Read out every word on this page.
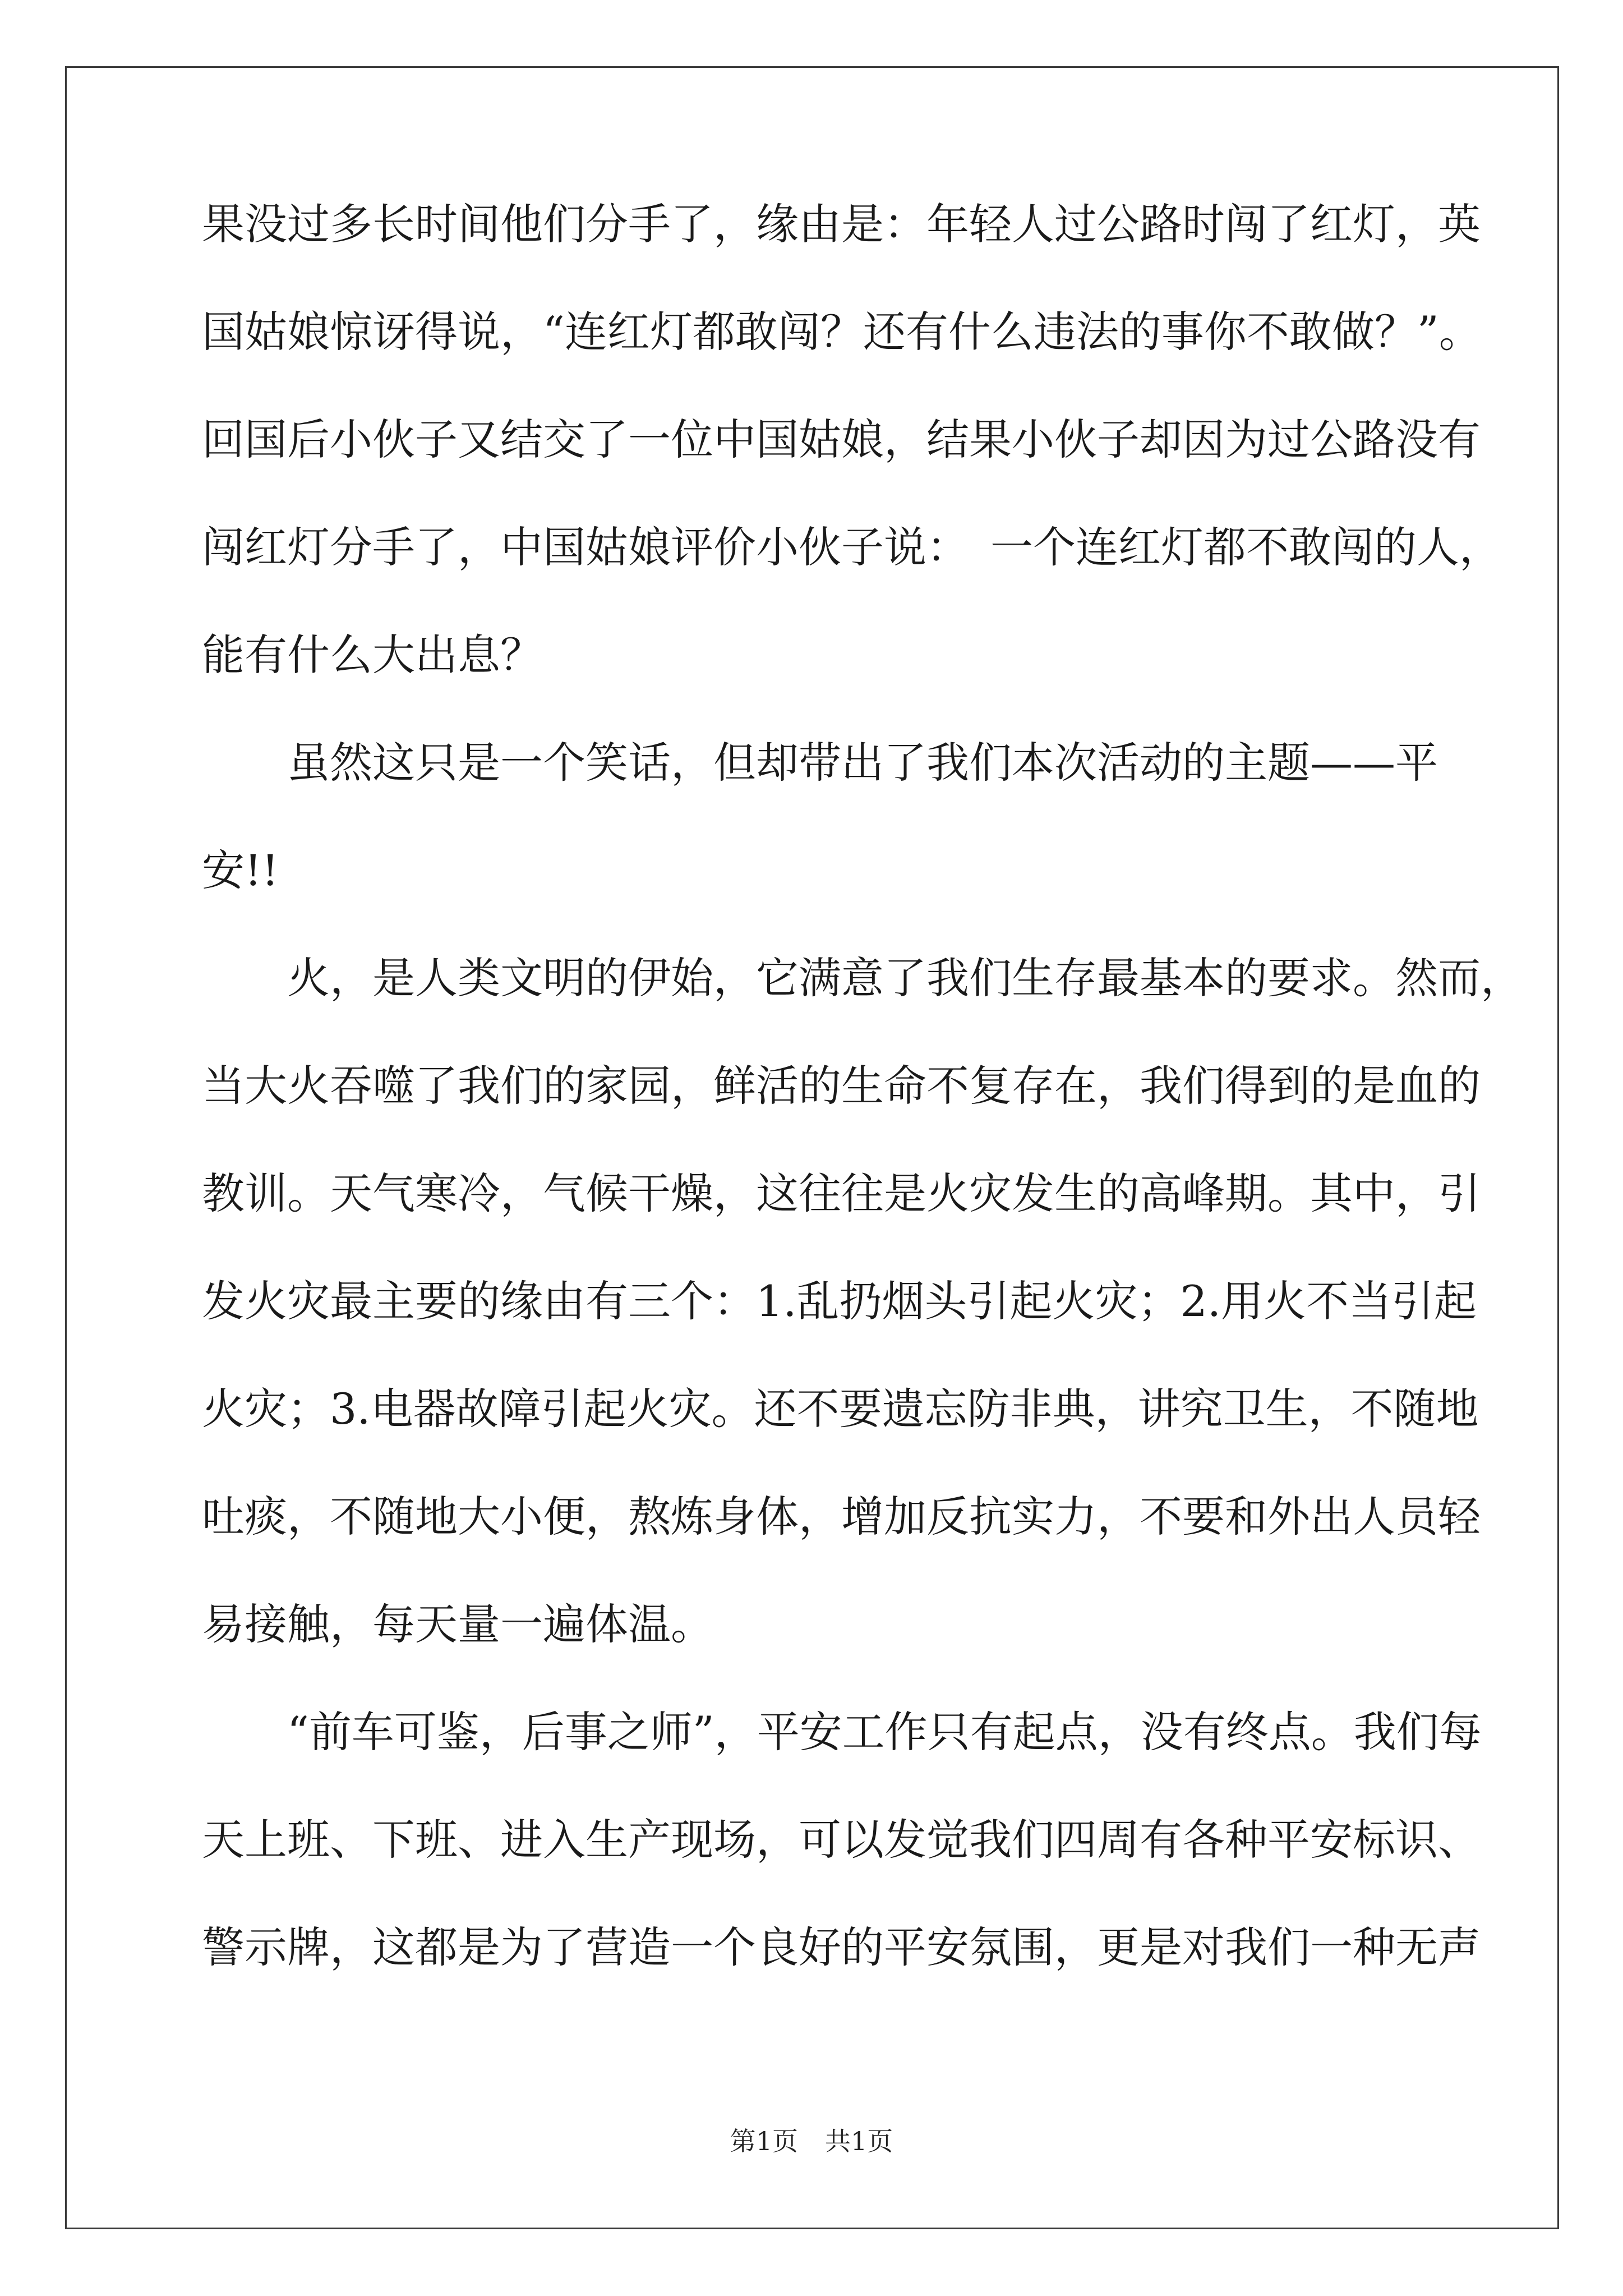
果没过多长时间他们分手了，缘由是：年轻人过公路时闯了红灯，英
国姑娘惊讶得说，“连红灯都敢闯？还有什么违法的事你不敢做？”。
回国后小伙子又结交了一位中国姑娘，结果小伙子却因为过公路没有
闯红灯分手了，中国姑娘评价小伙子说：　一个连红灯都不敢闯的人，
能有什么大出息？
　　虽然这只是一个笑话，但却带出了我们本次活动的主题——平
安!!
　　火，是人类文明的伊始，它满意了我们生存最基本的要求。然而，
当大火吞噬了我们的家园，鲜活的生命不复存在，我们得到的是血的
教训。天气寒冷，气候干燥，这往往是火灾发生的高峰期。其中，引
发火灾最主要的缘由有三个：1.乱扔烟头引起火灾；2.用火不当引起
火灾；3.电器故障引起火灾。还不要遗忘防非典，讲究卫生，不随地
吐痰，不随地大小便，熬炼身体，增加反抗实力，不要和外出人员轻
易接触，每天量一遍体温。
　　“前车可鉴，后事之师”，平安工作只有起点，没有终点。我们每
天上班、下班、进入生产现场，可以发觉我们四周有各种平安标识、
警示牌，这都是为了营造一个良好的平安氛围，更是对我们一种无声
第1页 共1页
